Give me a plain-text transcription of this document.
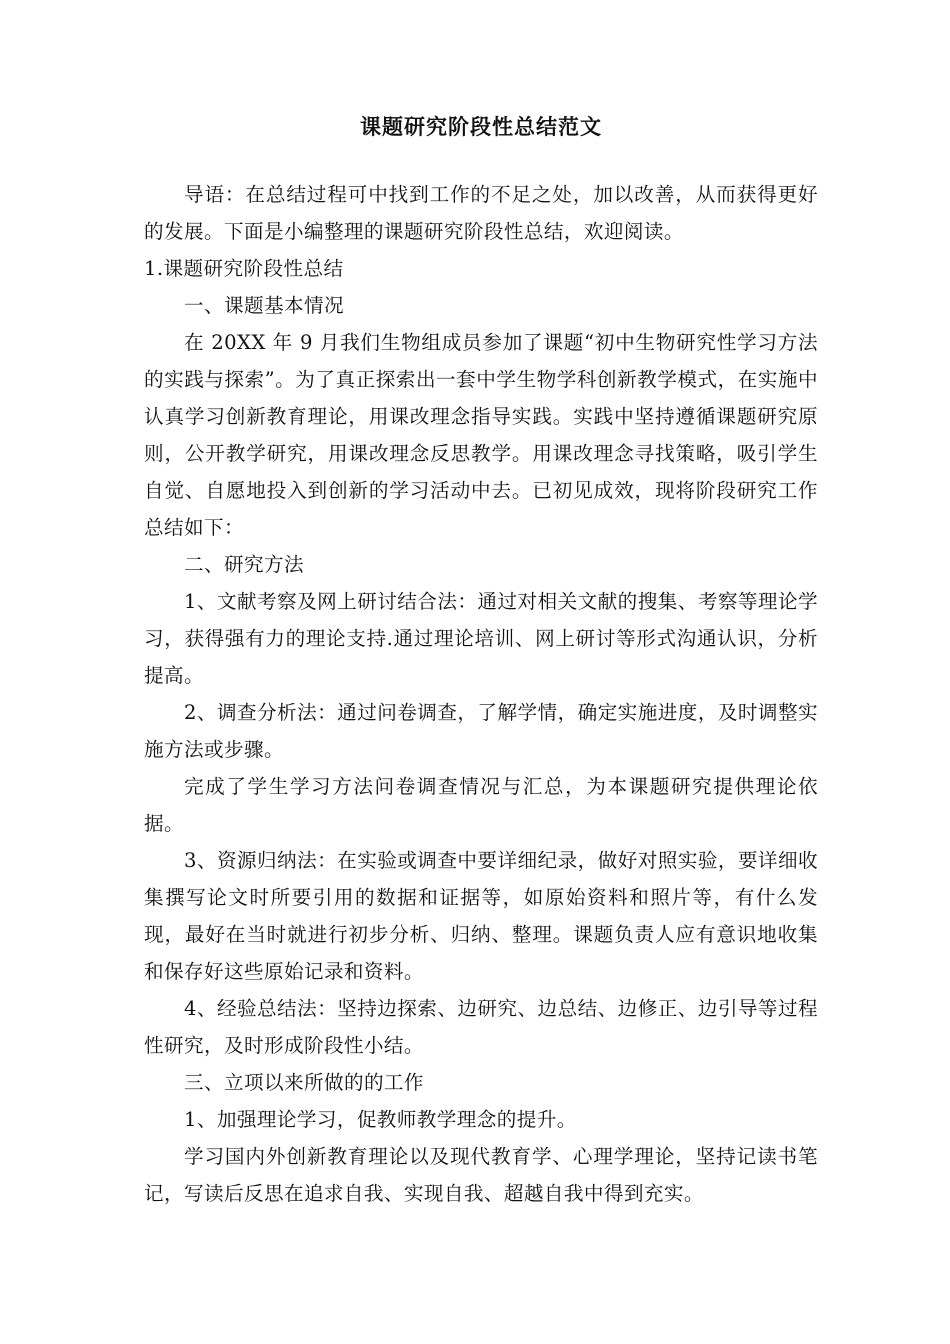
课题研究阶段性总结范文

导语：在总结过程可中找到工作的不足之处，加以改善，从而获得更好的发展。下面是小编整理的课题研究阶段性总结，欢迎阅读。

1.课题研究阶段性总结

一、课题基本情况

在 20XX 年 9 月我们生物组成员参加了课题“初中生物研究性学习方法的实践与探索”。为了真正探索出一套中学生物学科创新教学模式，在实施中认真学习创新教育理论，用课改理念指导实践。实践中坚持遵循课题研究原则，公开教学研究，用课改理念反思教学。用课改理念寻找策略，吸引学生自觉、自愿地投入到创新的学习活动中去。已初见成效，现将阶段研究工作总结如下：

二、研究方法

1、文献考察及网上研讨结合法：通过对相关文献的搜集、考察等理论学习，获得强有力的理论支持.通过理论培训、网上研讨等形式沟通认识，分析提高。

2、调查分析法：通过问卷调查，了解学情，确定实施进度，及时调整实施方法或步骤。

完成了学生学习方法问卷调查情况与汇总，为本课题研究提供理论依据。

3、资源归纳法：在实验或调查中要详细纪录，做好对照实验，要详细收集撰写论文时所要引用的数据和证据等，如原始资料和照片等，有什么发现，最好在当时就进行初步分析、归纳、整理。课题负责人应有意识地收集和保存好这些原始记录和资料。

4、经验总结法：坚持边探索、边研究、边总结、边修正、边引导等过程性研究，及时形成阶段性小结。

三、立项以来所做的的工作

1、加强理论学习，促教师教学理念的提升。

学习国内外创新教育理论以及现代教育学、心理学理论，坚持记读书笔记，写读后反思在追求自我、实现自我、超越自我中得到充实。
